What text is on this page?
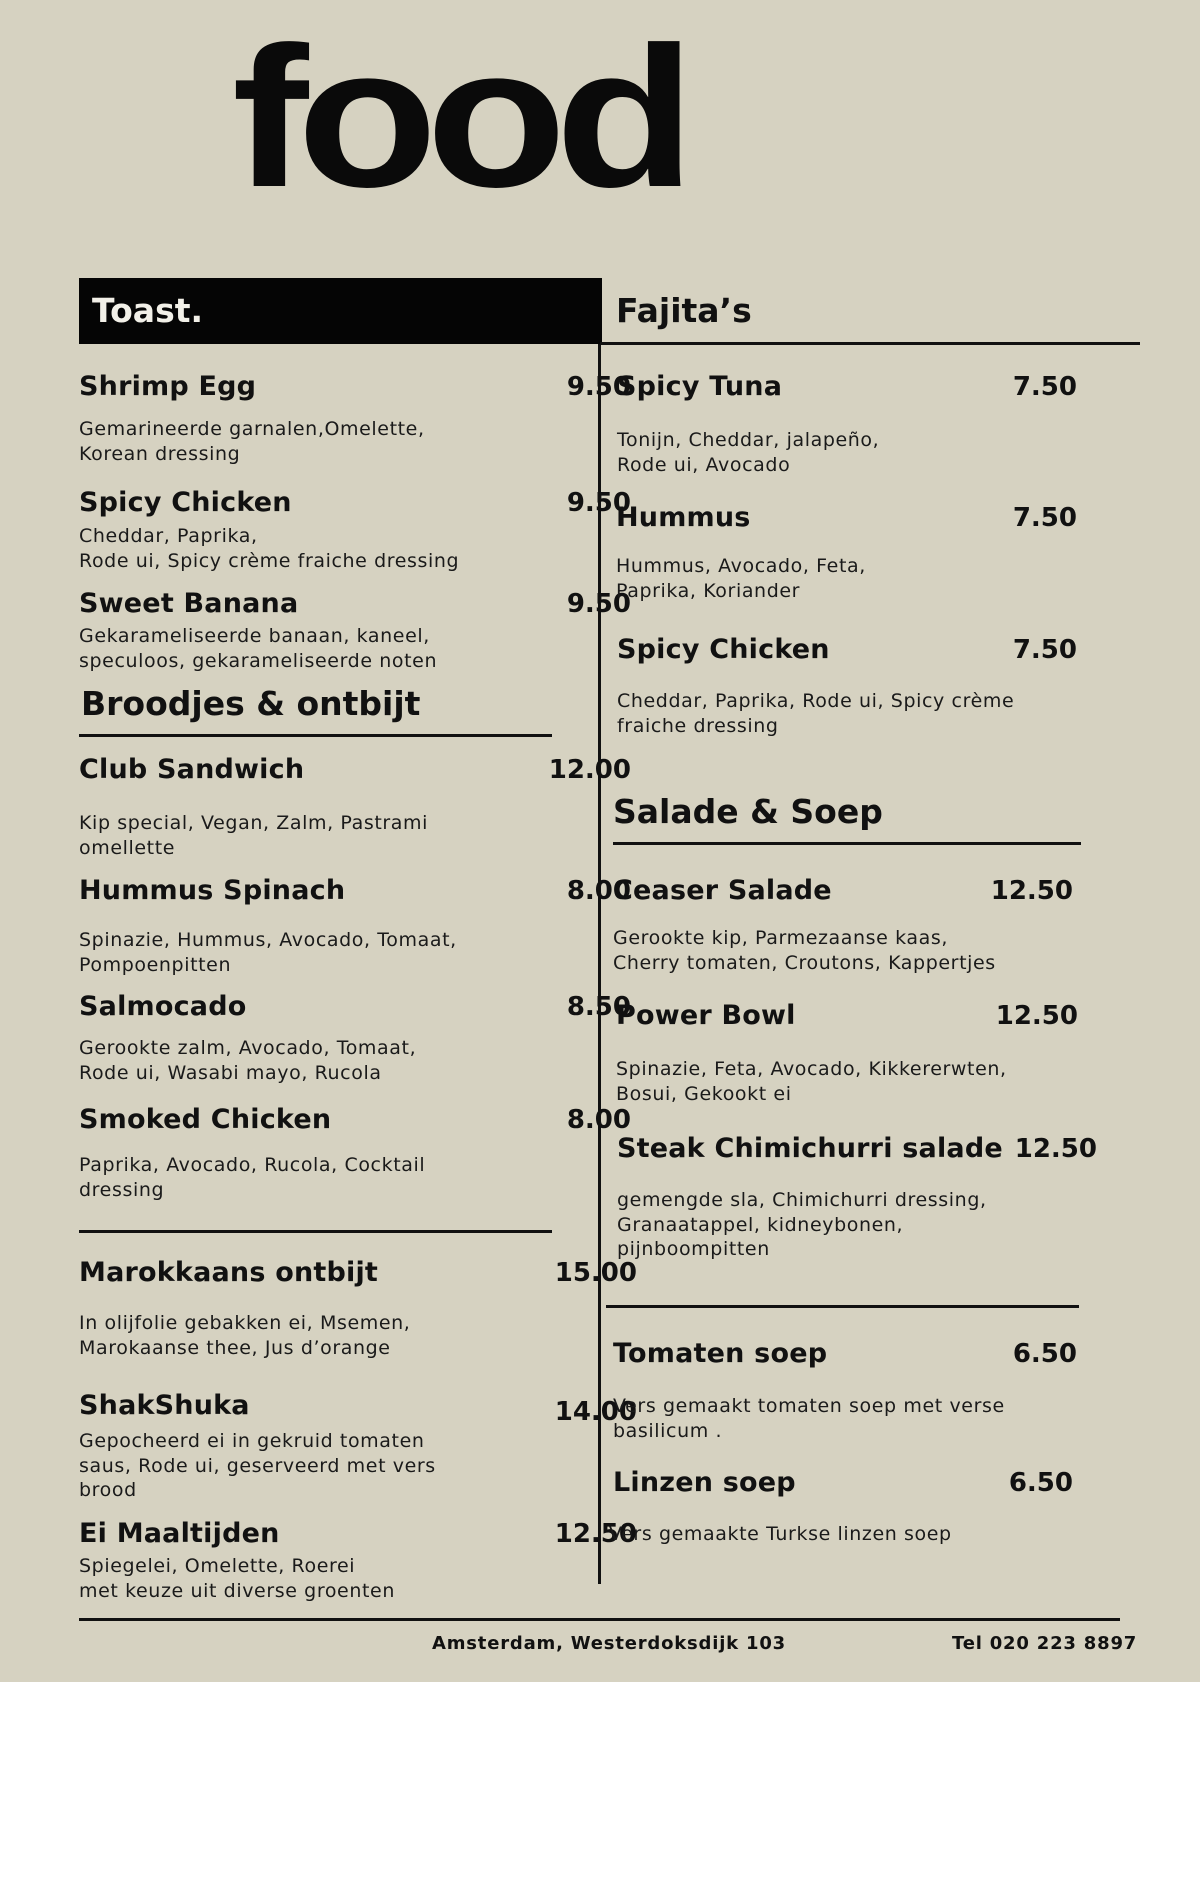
food
Toast.	Fajita’s
Shrimp Egg	9.50
Gemarineerde garnalen,Omelette,
Korean dressing
Spicy Chicken	9.50
Cheddar, Paprika,
Rode ui, Spicy crème fraiche dressing
Sweet Banana	9.50
Gekarameliseerde banaan, kaneel,
speculoos, gekarameliseerde noten
Broodjes & ontbijt
Club Sandwich	12.00
Kip special, Vegan, Zalm, Pastrami
omellette
Hummus Spinach	8.00
Spinazie, Hummus, Avocado, Tomaat,
Pompoenpitten
Salmocado	8.50
Gerookte zalm, Avocado, Tomaat,
Rode ui, Wasabi mayo, Rucola
Smoked Chicken	8.00
Paprika, Avocado, Rucola, Cocktail
dressing
Marokkaans ontbijt	15.00
In olijfolie gebakken ei, Msemen,
Marokaanse thee, Jus d’orange
ShakShuka	14.00
Gepocheerd ei in gekruid tomaten
saus, Rode ui, geserveerd met vers
brood
Ei Maaltijden	12.50
Spiegelei, Omelette, Roerei
met keuze uit diverse groenten
Spicy Tuna	7.50
Tonijn, Cheddar, jalapeño,
Rode ui, Avocado
Hummus	7.50
Hummus, Avocado, Feta,
Paprika, Koriander
Spicy Chicken	7.50
Cheddar, Paprika, Rode ui, Spicy crème
fraiche dressing
Salade & Soep
Ceaser Salade	12.50
Gerookte kip, Parmezaanse kaas,
Cherry tomaten, Croutons, Kappertjes
Power Bowl	12.50
Spinazie, Feta, Avocado, Kikkererwten,
Bosui, Gekookt ei
Steak Chimichurri salade 12.50
gemengde sla, Chimichurri dressing,
Granaatappel, kidneybonen,
pijnboompitten
Tomaten soep	6.50
Vers gemaakt tomaten soep met verse
basilicum .
Linzen soep	6.50
Vers gemaakte Turkse linzen soep
Amsterdam, Westerdoksdijk 103	Tel 020 223 8897
